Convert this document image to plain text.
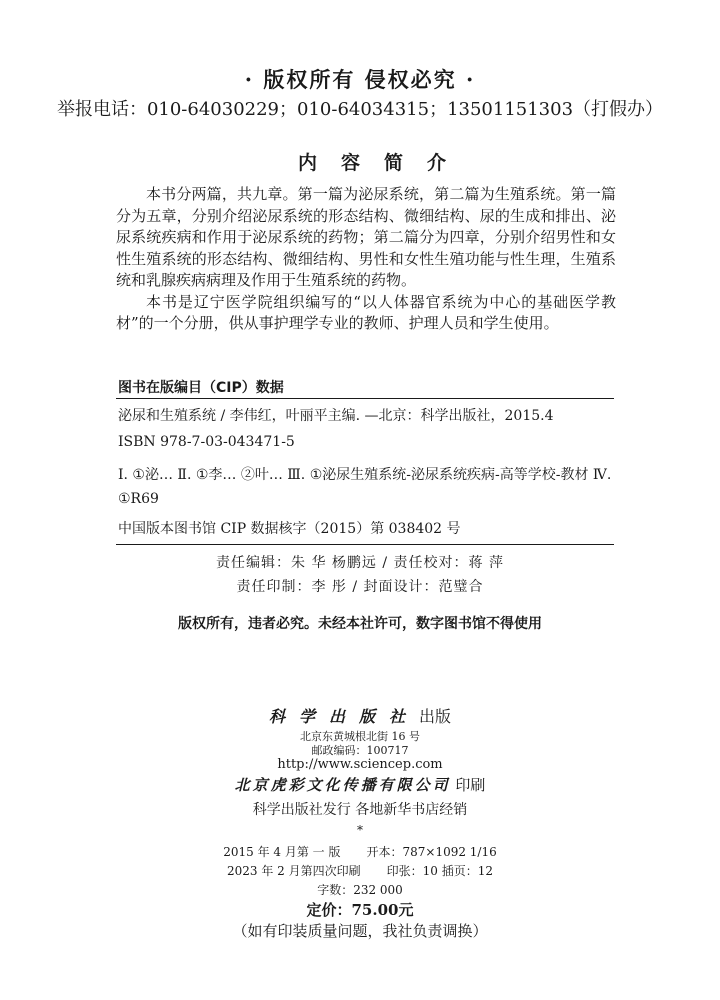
· 版权所有 侵权必究 ·
举报电话：010-64030229；010-64034315；13501151303（打假办）
内容简介

本书分两篇，共九章。第一篇为泌尿系统，第二篇为生殖系统。第一篇分为五章，分别介绍泌尿系统的形态结构、微细结构、尿的生成和排出、泌尿系统疾病和作用于泌尿系统的药物；第二篇分为四章，分别介绍男性和女性生殖系统的形态结构、微细结构、男性和女性生殖功能与性生理，生殖系统和乳腺疾病病理及作用于生殖系统的药物。

本书是辽宁医学院组织编写的“以人体器官系统为中心的基础医学教材”的一个分册，供从事护理学专业的教师、护理人员和学生使用。

图书在版编目（CIP）数据
泌尿和生殖系统 / 李伟红，叶丽平主编. —北京：科学出版社，2015.4
ISBN 978-7-03-043471-5
Ⅰ. ①泌… Ⅱ. ①李… ②叶… Ⅲ. ①泌尿生殖系统-泌尿系统疾病-高等学校-教材 Ⅳ. ①R69
中国版本图书馆 CIP 数据核字（2015）第 038402 号
责任编辑：朱 华 杨鹏远 / 责任校对：蒋 萍
责任印制：李 彤 / 封面设计：范璧合
版权所有，违者必究。未经本社许可，数字图书馆不得使用
科学出版社出版
北京东黄城根北街 16 号
邮政编码：100717
http://www.sciencep.com
北京虎彩文化传播有限公司 印刷
科学出版社发行 各地新华书店经销
*
2015 年 4 月第 一 版 开本：787×1092 1/16
2023 年 2 月第四次印刷 印张：10 插页：12
字数：232 000
定价：75.00元
（如有印装质量问题，我社负责调换）
